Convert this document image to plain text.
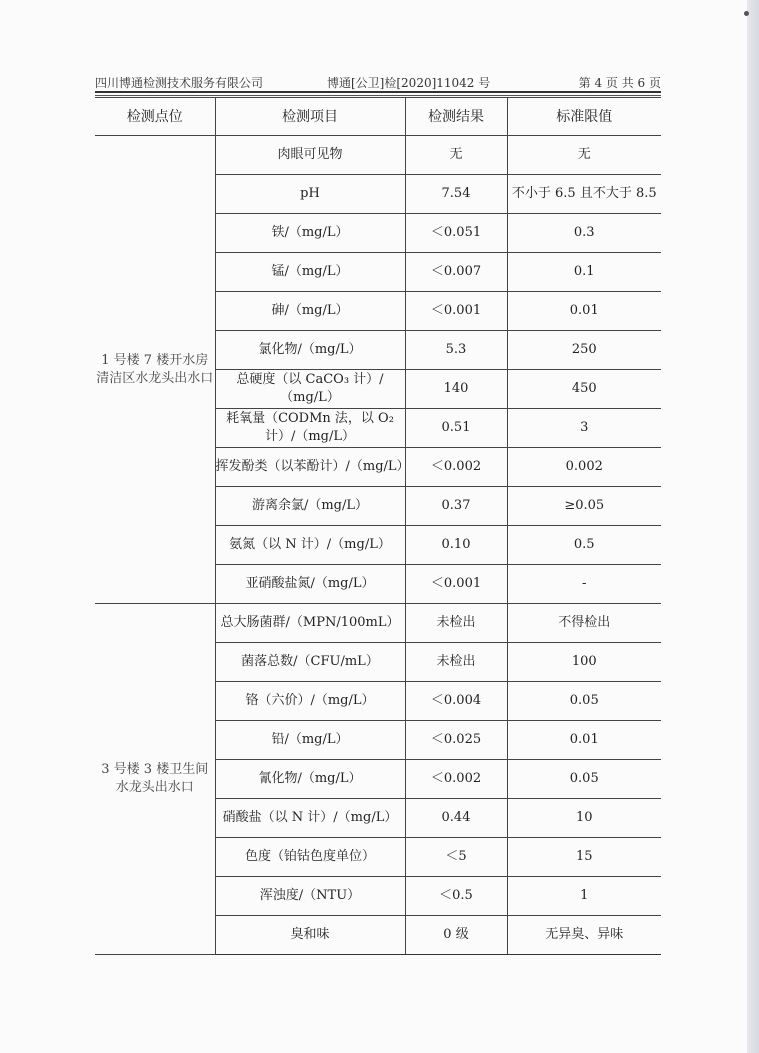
四川博通检测技术服务有限公司	博通[公卫]检[2020]11042 号	第 4 页 共 6 页
检测点位	检测项目	检测结果	标准限值
1 号楼 7 楼开水房清洁区水龙头出水口	肉眼可见物	无	无
	pH	7.54	不小于 6.5 且不大于 8.5
	铁/（mg/L）	＜0.051	0.3
	锰/（mg/L）	＜0.007	0.1
	砷/（mg/L）	＜0.001	0.01
	氯化物/（mg/L）	5.3	250
	总硬度（以 CaCO₃ 计）/（mg/L）	140	450
	耗氧量（CODMn 法，以 O₂ 计）/（mg/L）	0.51	3
	挥发酚类（以苯酚计）/（mg/L）	＜0.002	0.002
	游离余氯/（mg/L）	0.37	≥0.05
	氨氮（以 N 计）/（mg/L）	0.10	0.5
	亚硝酸盐氮/（mg/L）	＜0.001	-
3 号楼 3 楼卫生间水龙头出水口	总大肠菌群/（MPN/100mL）	未检出	不得检出
	菌落总数/（CFU/mL）	未检出	100
	铬（六价）/（mg/L）	＜0.004	0.05
	铅/（mg/L）	＜0.025	0.01
	氰化物/（mg/L）	＜0.002	0.05
	硝酸盐（以 N 计）/（mg/L）	0.44	10
	色度（铂钴色度单位）	＜5	15
	浑浊度/（NTU）	＜0.5	1
	臭和味	0 级	无异臭、异味
